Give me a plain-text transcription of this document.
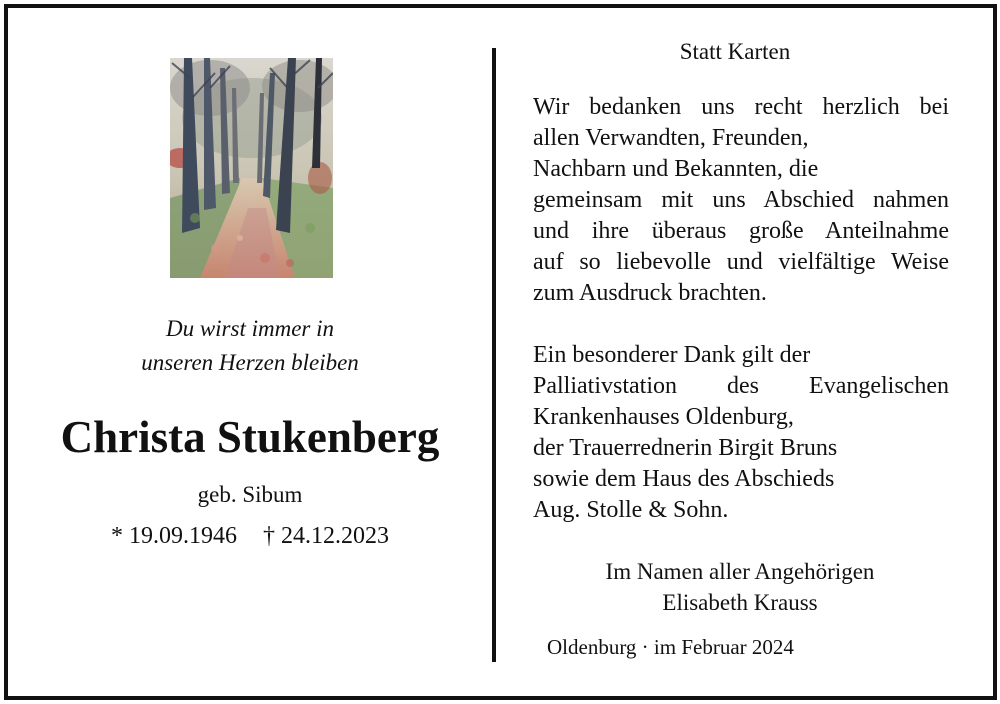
Du wirst immer in
unseren Herzen bleiben
Christa Stukenberg
geb. Sibum
* 19.09.1946 † 24.12.2023
Statt Karten
Wir bedanken uns recht herzlich bei
allen Verwandten, Freunden,
Nachbarn und Bekannten, die
gemeinsam mit uns Abschied nahmen
und ihre überaus große Anteilnahme
auf so liebevolle und vielfältige Weise
zum Ausdruck brachten.
Ein besonderer Dank gilt der
Palliativstation des Evangelischen
Krankenhauses Oldenburg,
der Trauerrednerin Birgit Bruns
sowie dem Haus des Abschieds
Aug. Stolle & Sohn.
Im Namen aller Angehörigen
Elisabeth Krauss
Oldenburg · im Februar 2024
